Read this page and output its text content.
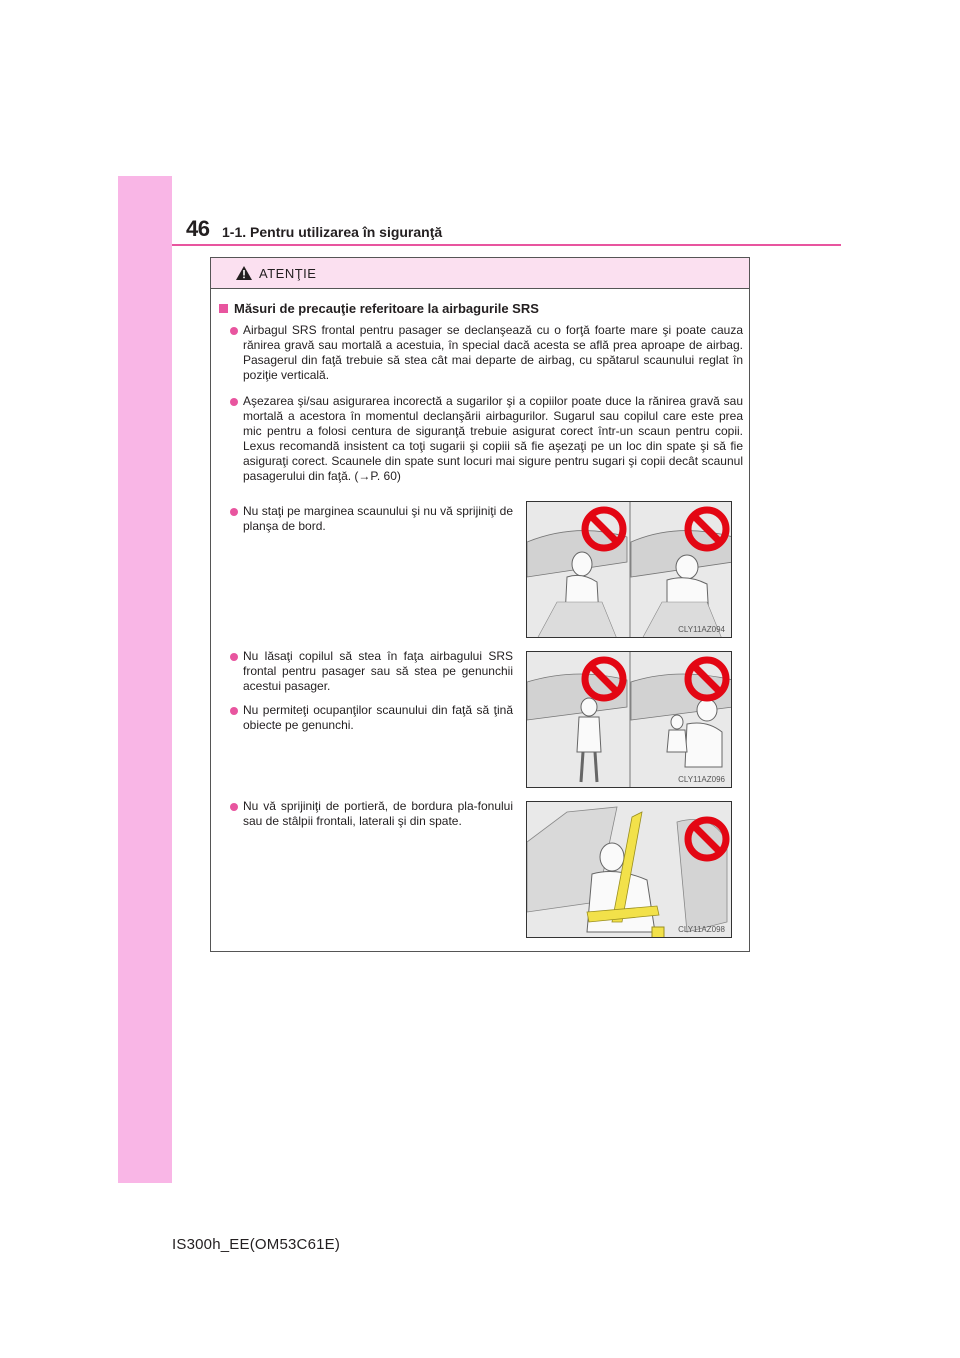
46 1-1. Pentru utilizarea în siguranţă
ATENŢIE
Măsuri de precauţie referitoare la airbagurile SRS
Airbagul SRS frontal pentru pasager se declanşează cu o forţă foarte mare şi poate cauza rănirea gravă sau mortală a acestuia, în special dacă acesta se află prea aproape de airbag. Pasagerul din faţă trebuie să stea cât mai departe de airbag, cu spătarul scaunului reglat în poziţie verticală.
Aşezarea şi/sau asigurarea incorectă a sugarilor şi a copiilor poate duce la rănirea gravă sau mortală a acestora în momentul declanşării airbagurilor. Sugarul sau copilul care este prea mic pentru a folosi centura de siguranţă trebuie asigurat corect într-un scaun pentru copii. Lexus recomandă insistent ca toţi sugarii şi copiii să fie aşezaţi pe un loc din spate şi să fie asiguraţi corect. Scaunele din spate sunt locuri mai sigure pentru sugari şi copii decât scaunul pasagerului din faţă. (→P. 60)
Nu staţi pe marginea scaunului şi nu vă sprijiniţi de planşa de bord.
Nu lăsaţi copilul să stea în faţa airbagului SRS frontal pentru pasager sau să stea pe genunchii acestui pasager.
Nu permiteţi ocupanţilor scaunului din faţă să ţină obiecte pe genunchi.
Nu vă sprijiniţi de portieră, de bordura pla-fonului sau de stâlpii frontali, laterali şi din spate.
CLY11AZ094
CLY11AZ096
CLY11AZ098
IS300h_EE(OM53C61E)
